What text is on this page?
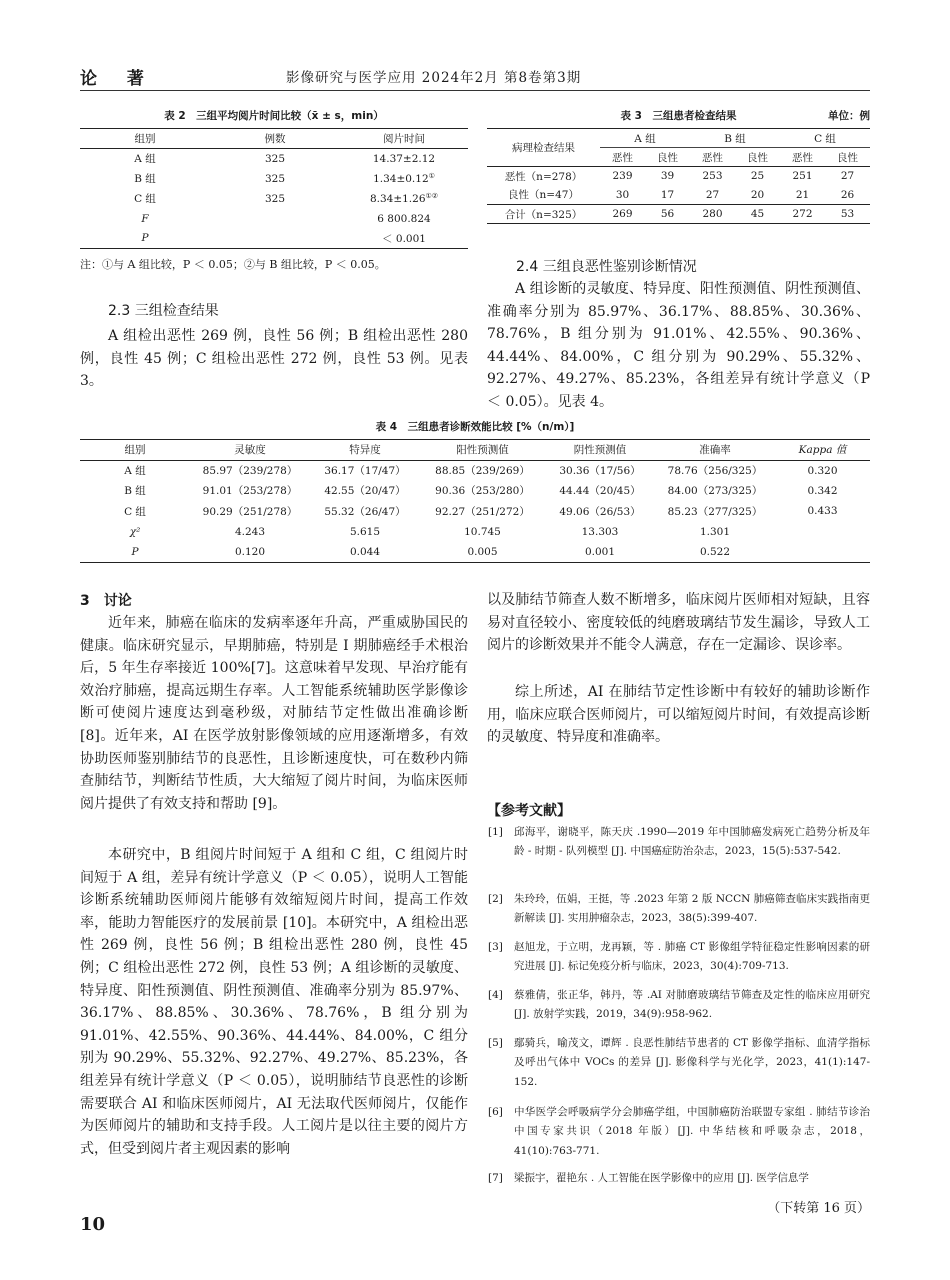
论 著	影像研究与医学应用 2024年2月 第8卷第3期
表 2　三组平均阅片时间比较（x̄ ± s，min）
组别	例数	阅片时间
A 组	325	14.37±2.12
B 组	325	1.34±0.12①
C 组	325	8.34±1.26①②
F		6 800.824
P		＜ 0.001
注：①与 A 组比较，P ＜ 0.05；②与 B 组比较，P ＜ 0.05。
表 3　三组患者检查结果	单位：例
病理检查结果	A 组		B 组		C 组	
	恶性	良性	恶性	良性	恶性	良性
恶性（n=278）	239	39	253	25	251	27
良性（n=47）	30	17	27	20	21	26
合计（n=325）	269	56	280	45	272	53
2.3 三组检查结果
A 组检出恶性 269 例，良性 56 例；B 组检出恶性 280 例，良性 45 例；C 组检出恶性 272 例，良性 53 例。见表 3。
2.4 三组良恶性鉴别诊断情况
A 组诊断的灵敏度、特异度、阳性预测值、阴性预测值、准确率分别为 85.97%、36.17%、88.85%、30.36%、78.76%，B 组分别为 91.01%、42.55%、90.36%、44.44%、84.00%，C 组分别为 90.29%、55.32%、92.27%、49.27%、85.23%，各组差异有统计学意义（P ＜ 0.05）。见表 4。
表 4　三组患者诊断效能比较 [%（n/m）]
组别	灵敏度	特异度	阳性预测值	阴性预测值	准确率	Kappa 值
A 组	85.97（239/278）	36.17（17/47）	88.85（239/269）	30.36（17/56）	78.76（256/325）	0.320
B 组	91.01（253/278）	42.55（20/47）	90.36（253/280）	44.44（20/45）	84.00（273/325）	0.342
C 组	90.29（251/278）	55.32（26/47）	92.27（251/272）	49.06（26/53）	85.23（277/325）	0.433
χ²	4.243	5.615	10.745	13.303	1.301	
P	0.120	0.044	0.005	0.001	0.522	
3　讨论
近年来，肺癌在临床的发病率逐年升高，严重威胁国民的健康。临床研究显示，早期肺癌，特别是 I 期肺癌经手术根治后，5 年生存率接近 100%[7]。这意味着早发现、早治疗能有效治疗肺癌，提高远期生存率。人工智能系统辅助医学影像诊断可使阅片速度达到毫秒级，对肺结节定性做出准确诊断 [8]。近年来，AI 在医学放射影像领域的应用逐渐增多，有效协助医师鉴别肺结节的良恶性，且诊断速度快，可在数秒内筛查肺结节，判断结节性质，大大缩短了阅片时间，为临床医师阅片提供了有效支持和帮助 [9]。
本研究中，B 组阅片时间短于 A 组和 C 组，C 组阅片时间短于 A 组，差异有统计学意义（P ＜ 0.05），说明人工智能诊断系统辅助医师阅片能够有效缩短阅片时间，提高工作效率，能助力智能医疗的发展前景 [10]。本研究中，A 组检出恶性 269 例，良性 56 例；B 组检出恶性 280 例，良性 45 例；C 组检出恶性 272 例，良性 53 例；A 组诊断的灵敏度、特异度、阳性预测值、阴性预测值、准确率分别为 85.97%、36.17%、88.85%、30.36%、78.76%，B 组分别为 91.01%、42.55%、90.36%、44.44%、84.00%，C 组分别为 90.29%、55.32%、92.27%、49.27%、85.23%，各组差异有统计学意义（P ＜ 0.05），说明肺结节良恶性的诊断需要联合 AI 和临床医师阅片，AI 无法取代医师阅片，仅能作为医师阅片的辅助和支持手段。人工阅片是以往主要的阅片方式，但受到阅片者主观因素的影响
以及肺结节筛查人数不断增多，临床阅片医师相对短缺，且容易对直径较小、密度较低的纯磨玻璃结节发生漏诊，导致人工阅片的诊断效果并不能令人满意，存在一定漏诊、误诊率。
综上所述，AI 在肺结节定性诊断中有较好的辅助诊断作用，临床应联合医师阅片，可以缩短阅片时间，有效提高诊断的灵敏度、特异度和准确率。
【参考文献】
[1] 邱海平，谢晓平，陈天庆 .1990—2019 年中国肺癌发病死亡趋势分析及年龄 - 时期 - 队列模型 [J]. 中国癌症防治杂志，2023，15(5):537-542.
[2] 朱玲玲，伍娟，王挺，等 .2023 年第 2 版 NCCN 肺癌筛查临床实践指南更新解读 [J]. 实用肿瘤杂志，2023，38(5):399-407.
[3] 赵旭龙，于立明，龙再颖，等 . 肺癌 CT 影像组学特征稳定性影响因素的研究进展 [J]. 标记免疫分析与临床，2023，30(4):709-713.
[4] 蔡雅倩，张正华，韩丹，等 .AI 对肺磨玻璃结节筛查及定性的临床应用研究 [J]. 放射学实践，2019，34(9):958-962.
[5] 鄢骑兵，喻茂文，谭辉 . 良恶性肺结节患者的 CT 影像学指标、血清学指标及呼出气体中 VOCs 的差异 [J]. 影像科学与光化学，2023，41(1):147-152.
[6] 中华医学会呼吸病学分会肺癌学组，中国肺癌防治联盟专家组 . 肺结节诊治中国专家共识（2018 年版）[J]. 中华结核和呼吸杂志，2018，41(10):763-771.
[7] 梁振宇，翟艳东 . 人工智能在医学影像中的应用 [J]. 医学信息学
（下转第 16 页）
10
